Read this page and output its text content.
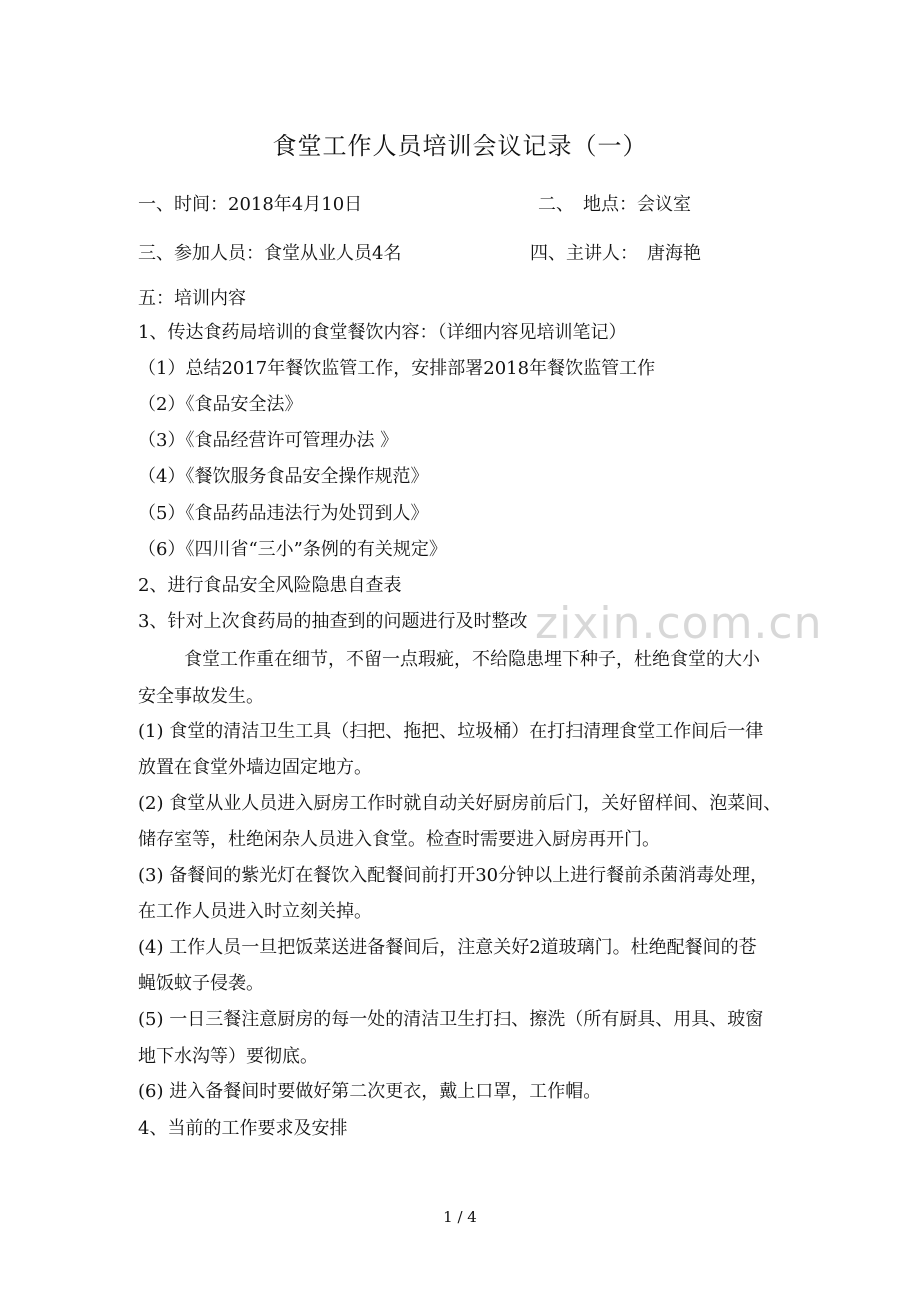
食堂工作人员培训会议记录（一）
一、时间：2018年4月10日	二、　地点：会议室
三、参加人员：食堂从业人员4名	四、主讲人：　唐海艳
五：培训内容
1、传达食药局培训的食堂餐饮内容：（详细内容见培训笔记）
（1）总结2017年餐饮监管工作，安排部署2018年餐饮监管工作
（2）《食品安全法》
（3）《食品经营许可管理办法 》
（4）《餐饮服务食品安全操作规范》
（5）《食品药品违法行为处罚到人》
（6）《四川省“三小”条例的有关规定》
2、进行食品安全风险隐患自查表
3、针对上次食药局的抽查到的问题进行及时整改 zixin.com.cn
食堂工作重在细节，不留一点瑕疵，不给隐患埋下种子，杜绝食堂的大小
安全事故发生。
(1) 食堂的清洁卫生工具（扫把、拖把、垃圾桶）在打扫清理食堂工作间后一律
放置在食堂外墙边固定地方。
(2) 食堂从业人员进入厨房工作时就自动关好厨房前后门，关好留样间、泡菜间、
储存室等，杜绝闲杂人员进入食堂。检查时需要进入厨房再开门。
(3) 备餐间的紫光灯在餐饮入配餐间前打开30分钟以上进行餐前杀菌消毒处理，
在工作人员进入时立刻关掉。
(4) 工作人员一旦把饭菜送进备餐间后，注意关好2道玻璃门。杜绝配餐间的苍
蝇饭蚊子侵袭。
(5) 一日三餐注意厨房的每一处的清洁卫生打扫、擦洗（所有厨具、用具、玻窗
地下水沟等）要彻底。
(6) 进入备餐间时要做好第二次更衣，戴上口罩，工作帽。
4、当前的工作要求及安排
1 / 4
